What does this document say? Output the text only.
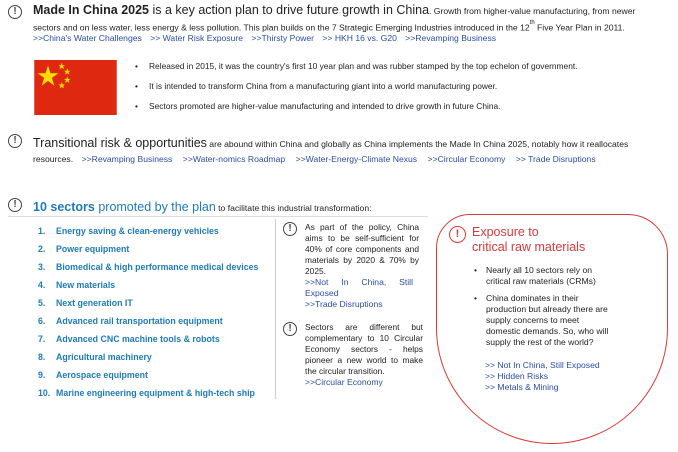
!	Made In China 2025 is a key action plan to drive future growth in China. Growth from higher-value manufacturing, from newer sectors and on less water, less energy & less pollution. This plan builds on the 7 Strategic Emerging Industries introduced in the 12th Five Year Plan in 2011.
>>China's Water Challenges >> Water Risk Exposure >>Thirsty Power >> HKH 16 vs. G20 >>Revamping Business
• Released in 2015, it was the country's first 10 year plan and was rubber stamped by the top echelon of government.
• It is intended to transform China from a manufacturing giant into a world manufacturing power.
• Sectors promoted are higher-value manufacturing and intended to drive growth in future China.
!	Transitional risk & opportunities are abound within China and globally as China implements the Made In China 2025, notably how it reallocates resources. >>Revamping Business >>Water-nomics Roadmap >>Water-Energy-Climate Nexus >>Circular Economy >> Trade Disruptions
!	10 sectors promoted by the plan to facilitate this industrial transformation:
1. Energy saving & clean-energy vehicles
2. Power equipment
3. Biomedical & high performance medical devices
4. New materials
5. Next generation IT
6. Advanced rail transportation equipment
7. Advanced CNC machine tools & robots
8. Agricultural machinery
9. Aerospace equipment
10. Marine engineering equipment & high-tech ship
!	As part of the policy, China aims to be self-sufficient for 40% of core components and materials by 2020 & 70% by 2025.
>>Not In China, Still Exposed
>>Trade Disruptions
!	Sectors are different but complementary to 10 Circular Economy sectors - helps pioneer a new world to make the circular transition.
>>Circular Economy
!	Exposure to
critical raw materials
• Nearly all 10 sectors rely on critical raw materials (CRMs)
• China dominates in their production but already there are supply concerns to meet domestic demands. So, who will supply the rest of the world?
>> Not In China, Still Exposed
>> Hidden Risks
>> Metals & Mining
